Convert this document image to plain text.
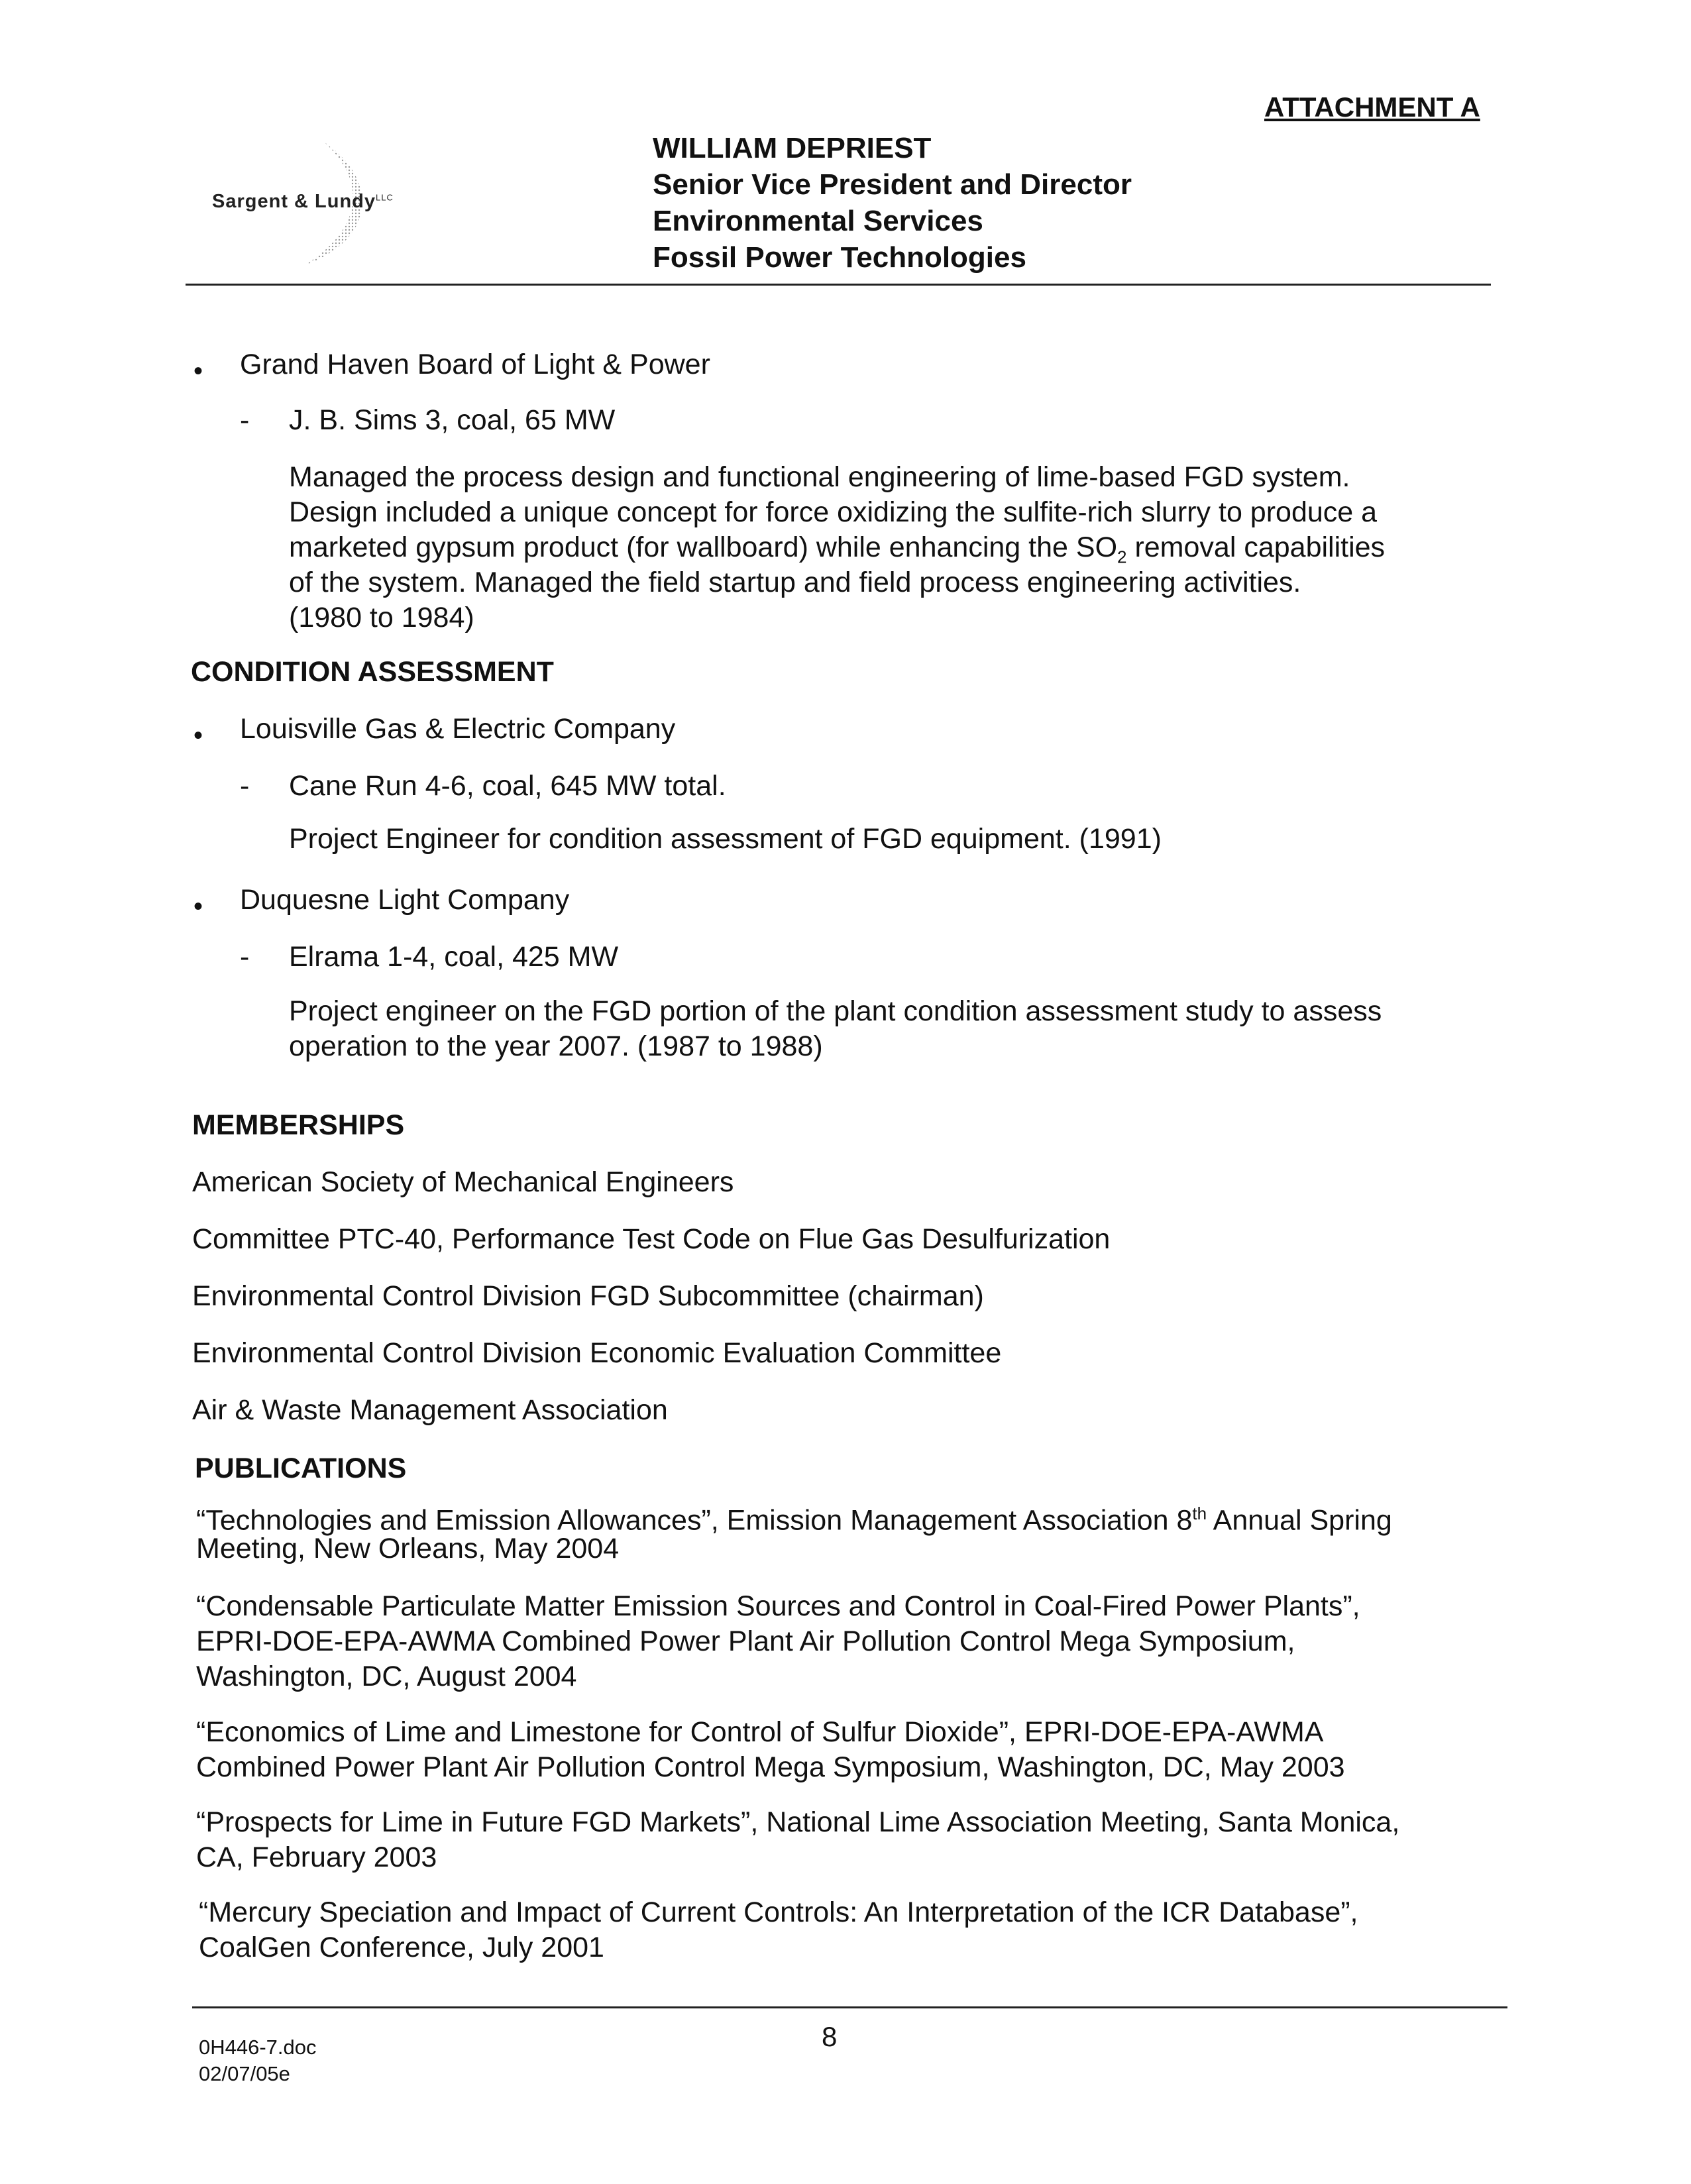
ATTACHMENT A
Sargent & Lundy$^{LLC}$
WILLIAM DEPRIEST
Senior Vice President and Director
Environmental Services
Fossil Power Technologies
• Grand Haven Board of Light & Power
- J. B. Sims 3, coal, 65 MW
Managed the process design and functional engineering of lime-based FGD system.
Design included a unique concept for force oxidizing the sulfite-rich slurry to produce a
marketed gypsum product (for wallboard) while enhancing the $SO_2$ removal capabilities
of the system. Managed the field startup and field process engineering activities.
(1980 to 1984)
CONDITION ASSESSMENT
• Louisville Gas & Electric Company
- Cane Run 4-6, coal, 645 MW total.
Project Engineer for condition assessment of FGD equipment. (1991)
• Duquesne Light Company
- Elrama 1-4, coal, 425 MW
Project engineer on the FGD portion of the plant condition assessment study to assess
operation to the year 2007. (1987 to 1988)
MEMBERSHIPS
American Society of Mechanical Engineers
Committee PTC-40, Performance Test Code on Flue Gas Desulfurization
Environmental Control Division FGD Subcommittee (chairman)
Environmental Control Division Economic Evaluation Committee
Air & Waste Management Association
PUBLICATIONS
“Technologies and Emission Allowances”, Emission Management Association 8th Annual Spring
Meeting, New Orleans, May 2004
“Condensable Particulate Matter Emission Sources and Control in Coal-Fired Power Plants”,
EPRI-DOE-EPA-AWMA Combined Power Plant Air Pollution Control Mega Symposium,
Washington, DC, August 2004
“Economics of Lime and Limestone for Control of Sulfur Dioxide”, EPRI-DOE-EPA-AWMA
Combined Power Plant Air Pollution Control Mega Symposium, Washington, DC, May 2003
“Prospects for Lime in Future FGD Markets”, National Lime Association Meeting, Santa Monica,
CA, February 2003
“Mercury Speciation and Impact of Current Controls: An Interpretation of the ICR Database”,
CoalGen Conference, July 2001
0H446-7.doc
02/07/05e
8
